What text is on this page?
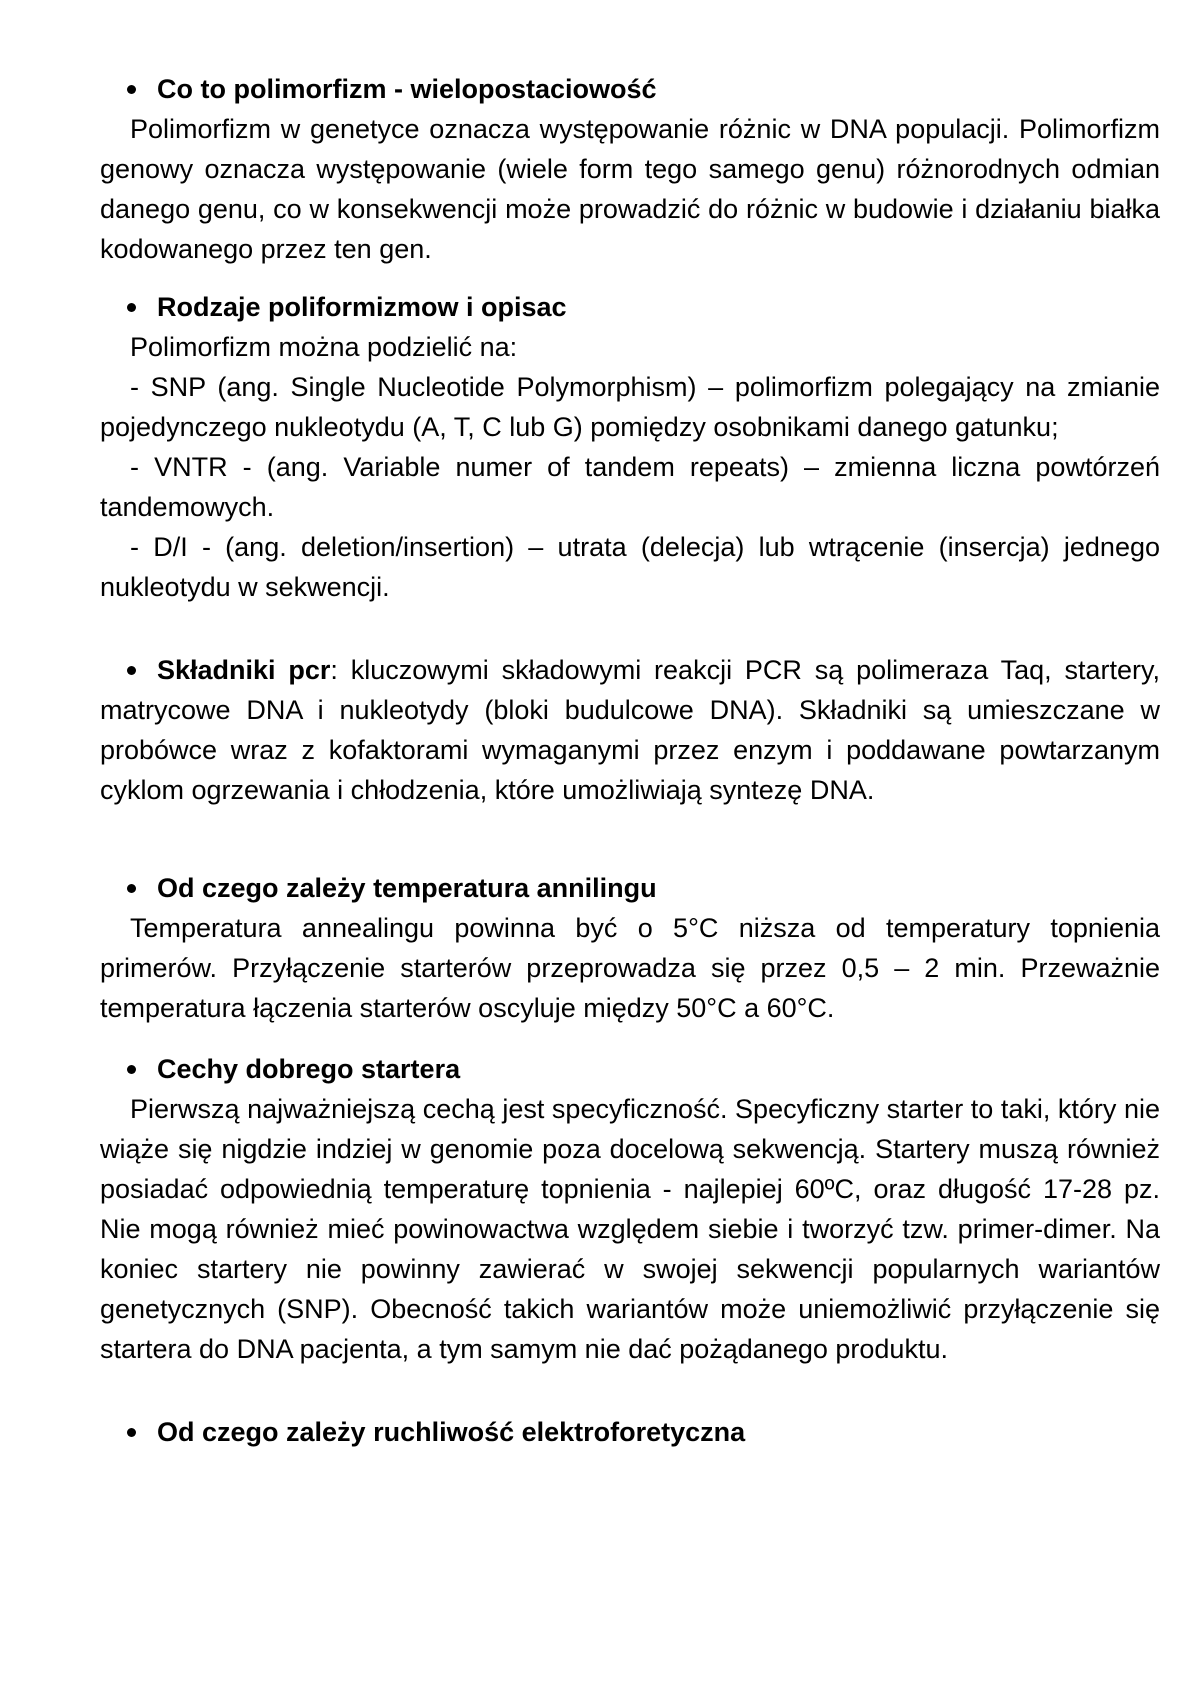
Co to polimorfizm - wielopostaciowość
Polimorfizm w genetyce oznacza występowanie różnic w DNA populacji. Polimorfizm genowy oznacza występowanie (wiele form tego samego genu) różnorodnych odmian danego genu, co w konsekwencji może prowadzić do różnic w budowie i działaniu białka kodowanego przez ten gen.
Rodzaje poliformizmow i opisac
Polimorfizm można podzielić na:
- SNP (ang. Single Nucleotide Polymorphism) – polimorfizm polegający na zmianie pojedynczego nukleotydu (A, T, C lub G) pomiędzy osobnikami danego gatunku;
- VNTR - (ang. Variable numer of tandem repeats) – zmienna liczna powtórzeń tandemowych.
- D/I - (ang. deletion/insertion) – utrata (delecja) lub wtrącenie (insercja) jednego nukleotydu w sekwencji.
Składniki pcr: kluczowymi składowymi reakcji PCR są polimeraza Taq, startery, matrycowe DNA i nukleotydy (bloki budulcowe DNA). Składniki są umieszczane w probówce wraz z kofaktorami wymaganymi przez enzym i poddawane powtarzanym cyklom ogrzewania i chłodzenia, które umożliwiają syntezę DNA.
Od czego zależy temperatura annilingu
Temperatura annealingu powinna być o 5°C niższa od temperatury topnienia primerów. Przyłączenie starterów przeprowadza się przez 0,5 – 2 min. Przeważnie temperatura łączenia starterów oscyluje między 50°C a 60°C.
Cechy dobrego startera
Pierwszą najważniejszą cechą jest specyficzność. Specyficzny starter to taki, który nie wiąże się nigdzie indziej w genomie poza docelową sekwencją. Startery muszą również posiadać odpowiednią temperaturę topnienia - najlepiej 60ºC, oraz długość 17-28 pz. Nie mogą również mieć powinowactwa względem siebie i tworzyć tzw. primer-dimer. Na koniec startery nie powinny zawierać w swojej sekwencji popularnych wariantów genetycznych (SNP). Obecność takich wariantów może uniemożliwić przyłączenie się startera do DNA pacjenta, a tym samym nie dać pożądanego produktu.
Od czego zależy ruchliwość elektroforetyczna
